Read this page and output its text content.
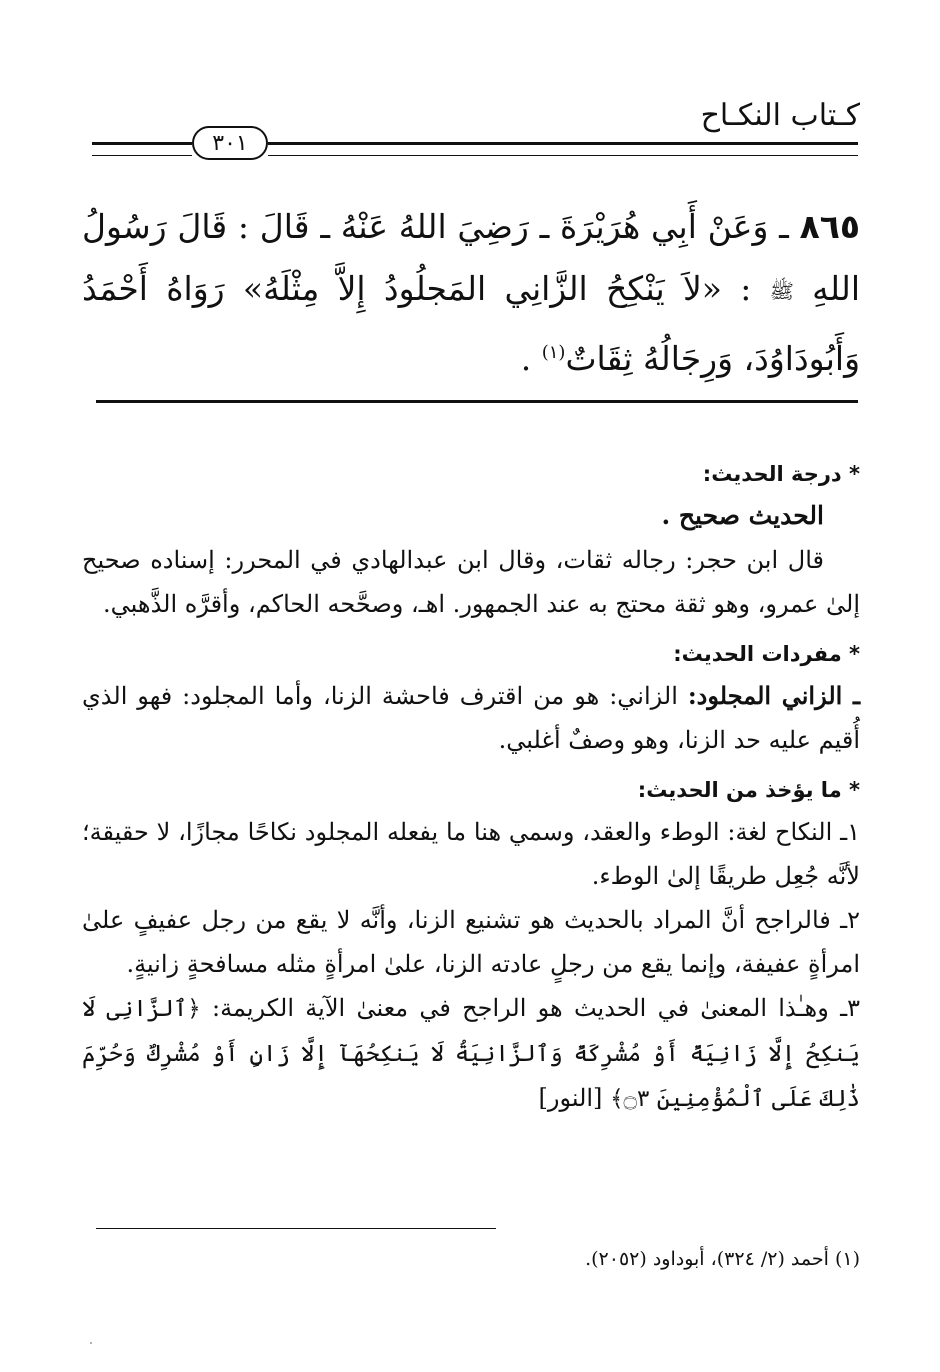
كـتاب النكـاح
٣٠١

٨٦٥ ـ وَعَنْ أَبِي هُرَيْرَةَ ـ رَضِيَ اللهُ عَنْهُ ـ قَالَ : قَالَ رَسُولُ اللهِ ﷺ : «لاَ يَنْكِحُ الزَّانِي المَجلُودُ إِلاَّ مِثْلَهُ» رَوَاهُ أَحْمَدُ وَأَبُودَاوُدَ، وَرِجَالُهُ ثِقَاتٌ$^{(١)}$ .

* درجة الحديث:

الحديث صحيح .

قال ابن حجر: رجاله ثقات، وقال ابن عبدالهادي في المحرر: إسناده صحيح إلىٰ عمرو، وهو ثقة محتج به عند الجمهور. اهـ، وصحَّحه الحاكم، وأقرَّه الذَّهبي.

* مفردات الحديث:

ـ الزاني المجلود: الزاني: هو من اقترف فاحشة الزنا، وأما المجلود: فهو الذي أُقيم عليه حد الزنا، وهو وصفٌ أغلبي.

* ما يؤخذ من الحديث:

١ـ النكاح لغة: الوطء والعقد، وسمي هنا ما يفعله المجلود نكاحًا مجازًا، لا حقيقة؛ لأنَّه جُعِل طريقًا إلىٰ الوطء.

٢ـ فالراجح أنَّ المراد بالحديث هو تشنيع الزنا، وأنَّه لا يقع من رجل عفيفٍ علىٰ امرأةٍ عفيفة، وإنما يقع من رجلٍ عادته الزنا، علىٰ امرأةٍ مثله مسافحةٍ زانيةٍ.

٣ـ وهـٰذا المعنىٰ في الحديث هو الراجح في معنىٰ الآية الكريمة: ﴿ٱلزَّانِى لَا يَنكِحُ إِلَّا زَانِيَةً أَوْ مُشْرِكَةً وَٱلزَّانِيَةُ لَا يَنكِحُهَآ إِلَّا زَانٍ أَوْ مُشْرِكٌ وَحُرِّمَ ذَٰلِكَ عَلَى ٱلْمُؤْمِنِينَ ۝٣﴾ [النور]

(١) أحمد (٢/ ٣٢٤)، أبوداود (٢٠٥٢).
